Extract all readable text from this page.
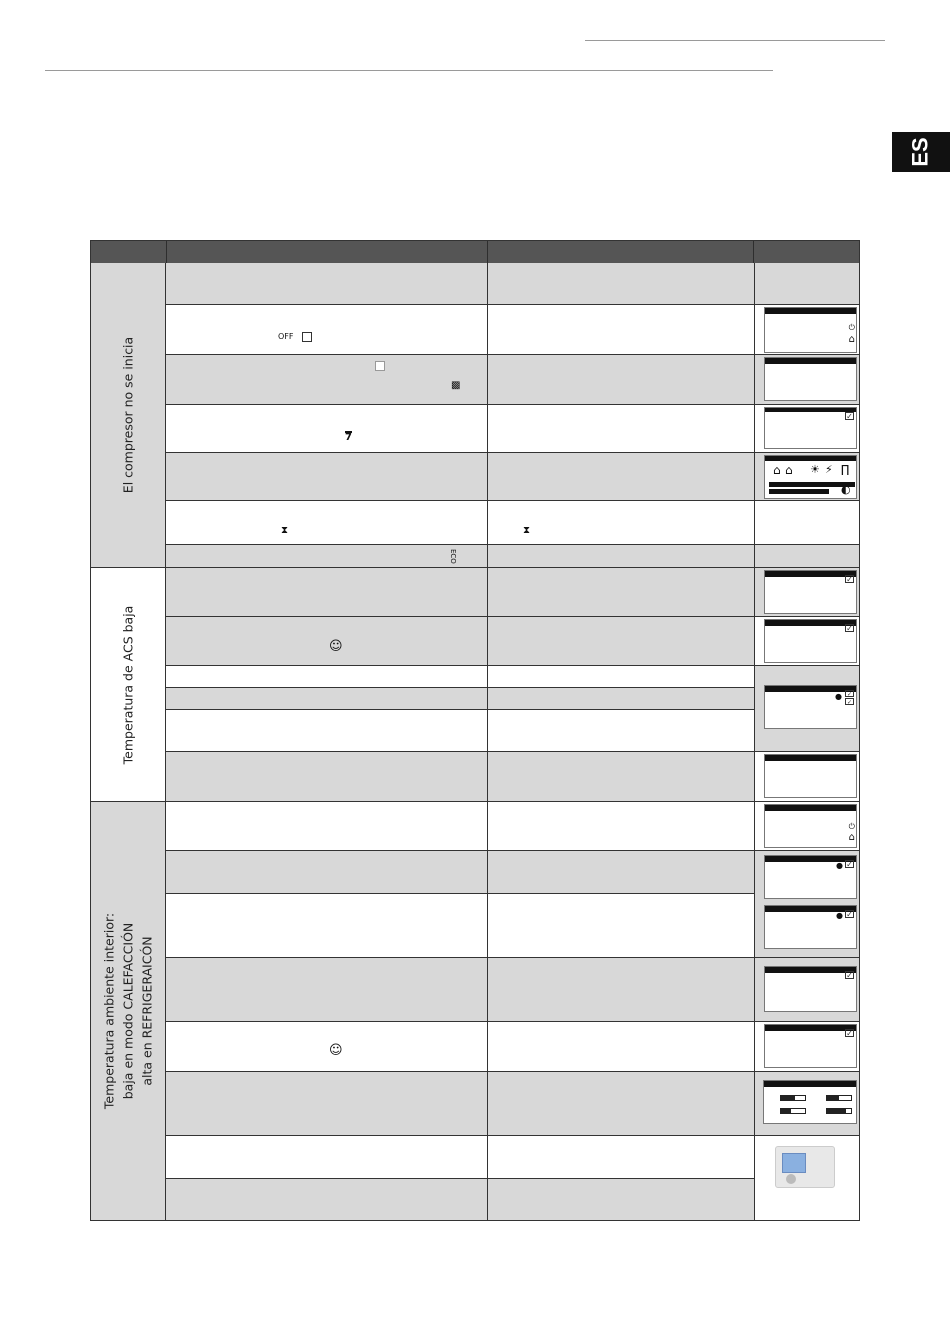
ES
El compresor no se inicia
Temperatura de ACS baja
Temperatura ambiente interior: baja en modo CALEFACCIÓN alta en REFRIGERAICÓN
OFF
▩
7
⧗	⧗
ECO
☺
☺
⏻
⌂
✓
⌂ ⌂ ☀ ⚡ ∏
◐
✓
✓
● ✓
✓
⏻
⌂
● ✓
● ✓
✓
✓
